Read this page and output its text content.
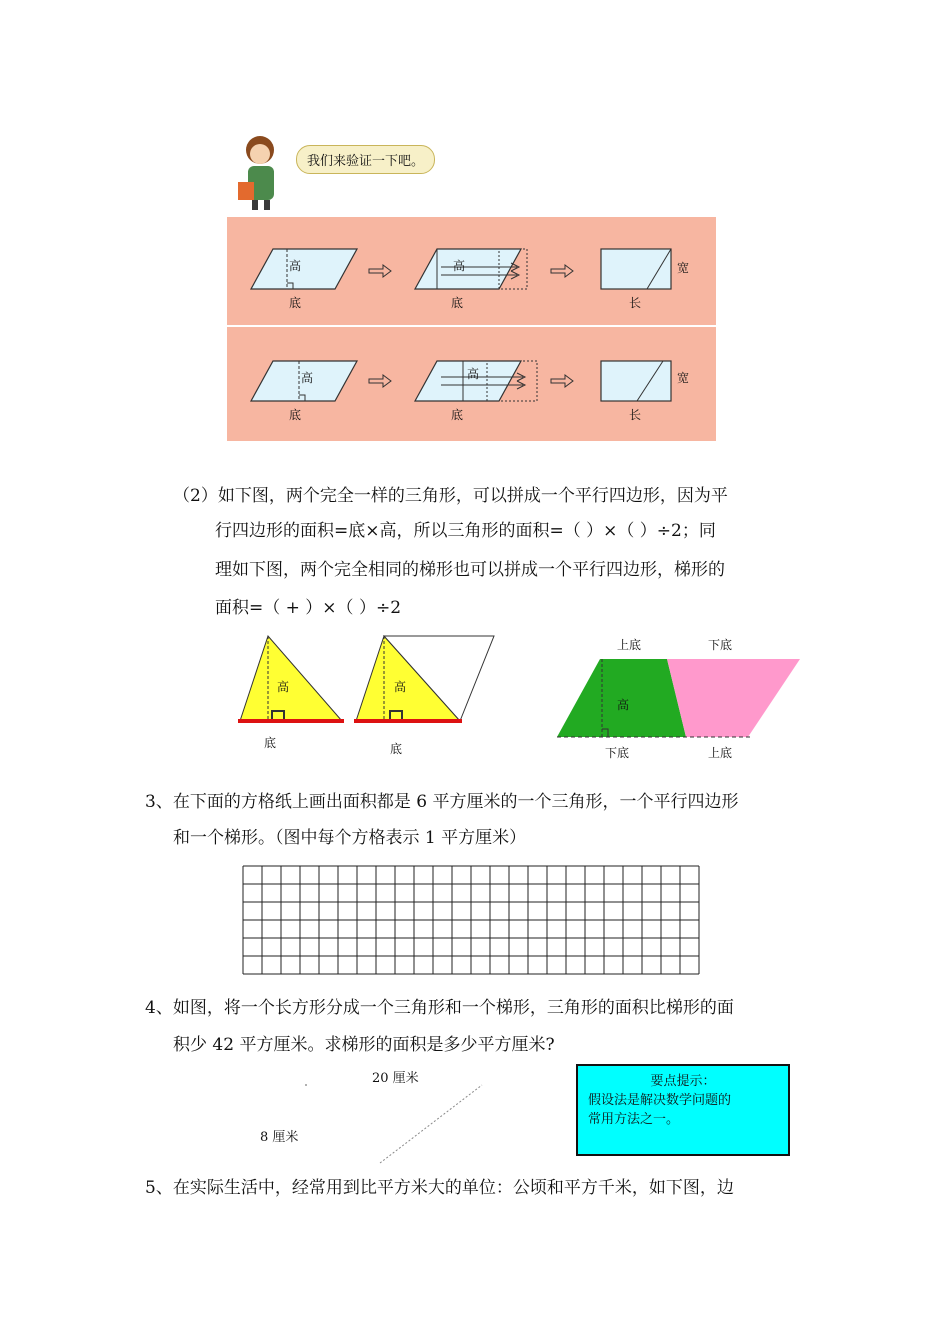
我们来验证一下吧。
高
底
高
底	长
宽
高
底
高
底	长
宽
（2）如下图，两个完全一样的三角形，可以拼成一个平行四边形，因为平
行四边形的面积=底×高，所以三角形的面积=（ ）×（ ）÷2；同
理如下图，两个完全相同的梯形也可以拼成一个平行四边形，梯形的
面积=（ + ）×（ ）÷2
高
底
高
底
上底	下底
高
下底	上底
3、在下面的方格纸上画出面积都是 6 平方厘米的一个三角形，一个平行四边形
和一个梯形。（图中每个方格表示 1 平方厘米）
4、如图，将一个长方形分成一个三角形和一个梯形，三角形的面积比梯形的面
积少 42 平方厘米。求梯形的面积是多少平方厘米?
20 厘米
8 厘米
要点提示：
假设法是解决数学问题的
常用方法之一。
5、在实际生活中，经常用到比平方米大的单位：公顷和平方千米，如下图，边
